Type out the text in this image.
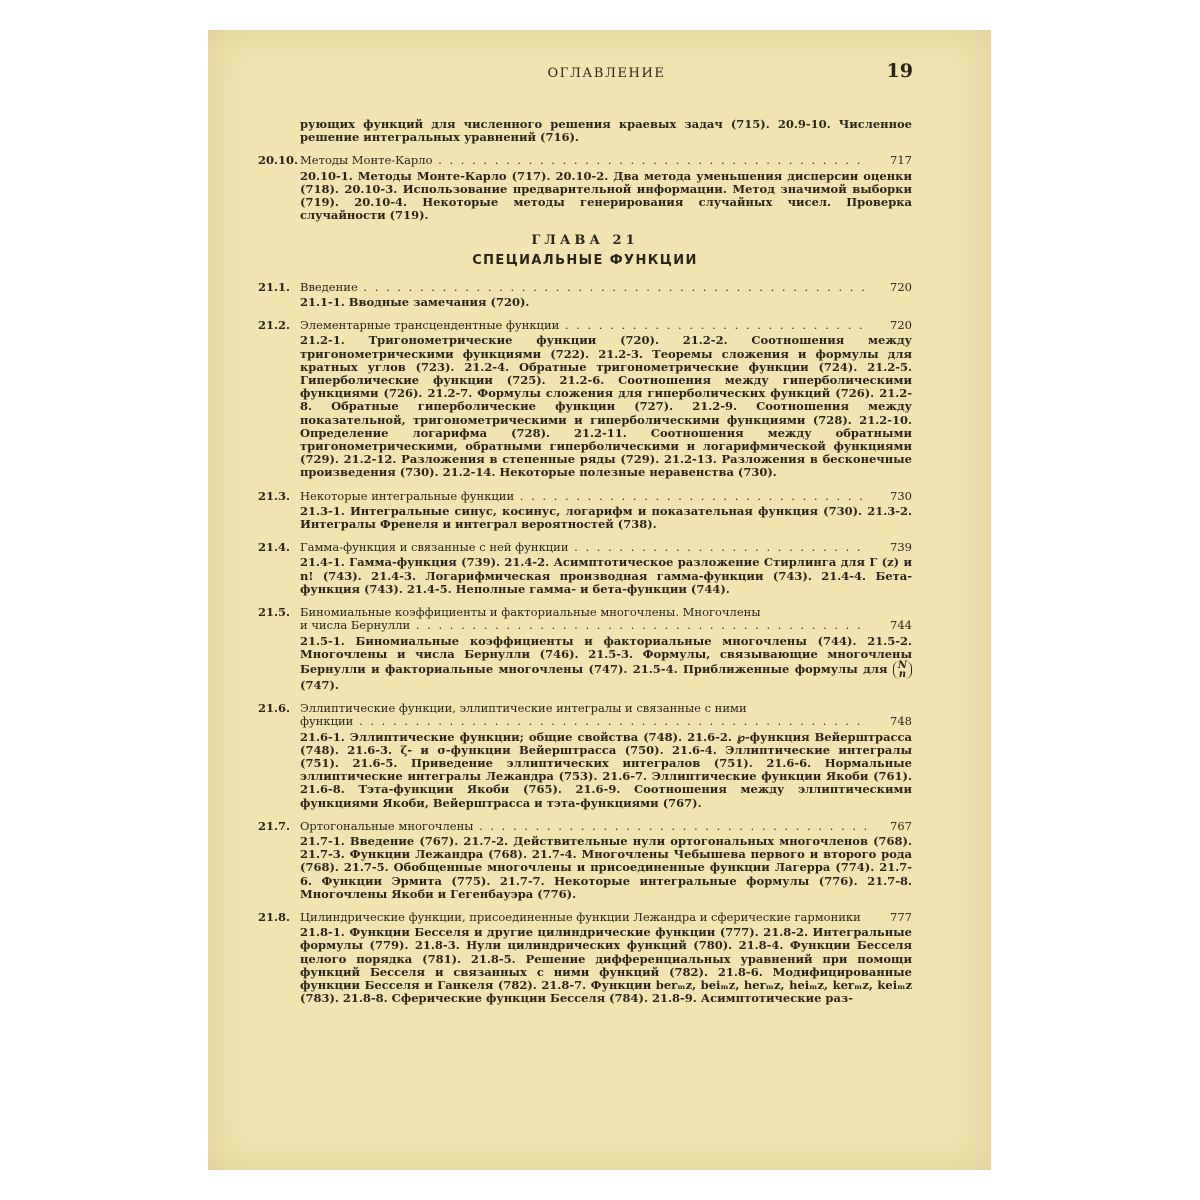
ОГЛАВЛЕНИЕ	19
рующих функций для численного решения краевых задач (715). 20.9-10. Численное решение интегральных уравнений (716).
20.10. Методы Монте-Карло . . .	717
20.10-1. Методы Монте-Карло (717). 20.10-2. Два метода уменьшения дисперсии оценки (718). 20.10-3. Использование предварительной информации. Метод значимой выборки (719). 20.10-4. Некоторые методы генерирования случайных чисел. Проверка случайности (719).
ГЛАВА 21
СПЕЦИАЛЬНЫЕ ФУНКЦИИ
21.1. Введение . . .	720
21.1-1. Вводные замечания (720).
21.2. Элементарные трансцендентные функции . . .	720
21.2-1. Тригонометрические функции (720). 21.2-2. Соотношения между тригонометрическими функциями (722). 21.2-3. Теоремы сложения и формулы для кратных углов (723). 21.2-4. Обратные тригонометрические функции (724). 21.2-5. Гиперболические функции (725). 21.2-6. Соотношения между гиперболическими функциями (726). 21.2-7. Формулы сложения для гиперболических функций (726). 21.2-8. Обратные гиперболические функции (727). 21.2-9. Соотношения между показательной, тригонометрическими и гиперболическими функциями (728). 21.2-10. Определение логарифма (728). 21.2-11. Соотношения между обратными тригонометрическими, обратными гиперболическими и логарифмической функциями (729). 21.2-12. Разложения в степенные ряды (729). 21.2-13. Разложения в бесконечные произведения (730). 21.2-14. Некоторые полезные неравенства (730).
21.3. Некоторые интегральные функции . . .	730
21.3-1. Интегральные синус, косинус, логарифм и показательная функция (730). 21.3-2. Интегралы Френеля и интеграл вероятностей (738).
21.4. Гамма-функция и связанные с ней функции . . .	739
21.4-1. Гамма-функция (739). 21.4-2. Асимптотическое разложение Стирлинга для Г (z) и n! (743). 21.4-3. Логарифмическая производная гамма-функции (743). 21.4-4. Бета-функция (743). 21.4-5. Неполные гамма- и бета-функции (744).
21.5. Биномиальные коэффициенты и факториальные многочлены. Многочлены
и числа Бернулли . . .	744
21.5-1. Биномиальные коэффициенты и факториальные многочлены (744). 21.5-2. Многочлены и числа Бернулли (746). 21.5-3. Формулы, связывающие многочлены Бернулли и факториальные многочлены (747). 21.5-4. Приближенные формулы для N
n (747).
21.6. Эллиптические функции, эллиптические интегралы и связанные с ними
функции . . .	748
21.6-1. Эллиптические функции; общие свойства (748). 21.6-2. ℘-функция Вейерштрасса (748). 21.6-3. ζ- и σ-функции Вейерштрасса (750). 21.6-4. Эллиптические интегралы (751). 21.6-5. Приведение эллиптических интегралов (751). 21.6-6. Нормальные эллиптические интегралы Лежандра (753). 21.6-7. Эллиптические функции Якоби (761). 21.6-8. Тэта-функции Якоби (765). 21.6-9. Соотношения между эллиптическими функциями Якоби, Вейерштрасса и тэта-функциями (767).
21.7. Ортогональные многочлены . . .	767
21.7-1. Введение (767). 21.7-2. Действительные нули ортогональных многочленов (768). 21.7-3. Функции Лежандра (768). 21.7-4. Многочлены Чебышева первого и второго рода (768). 21.7-5. Обобщенные многочлены и присоединенные функции Лагерра (774). 21.7-6. Функции Эрмита (775). 21.7-7. Некоторые интегральные формулы (776). 21.7-8. Многочлены Якоби и Гегенбауэра (776).
21.8. Цилиндрические функции, присоединенные функции Лежандра и сферические гармоники	777
21.8-1. Функции Бесселя и другие цилиндрические функции (777). 21.8-2. Интегральные формулы (779). 21.8-3. Нули цилиндрических функций (780). 21.8-4. Функции Бесселя целого порядка (781). 21.8-5. Решение дифференциальных уравнений при помощи функций Бесселя и связанных с ними функций (782). 21.8-6. Модифицированные функции Бесселя и Ганкеля (782). 21.8-7. Функции berₘz, beiₘz, herₘz, heiₘz, kerₘz, keiₘz (783). 21.8-8. Сферические функции Бесселя (784). 21.8-9. Асимптотические раз-
